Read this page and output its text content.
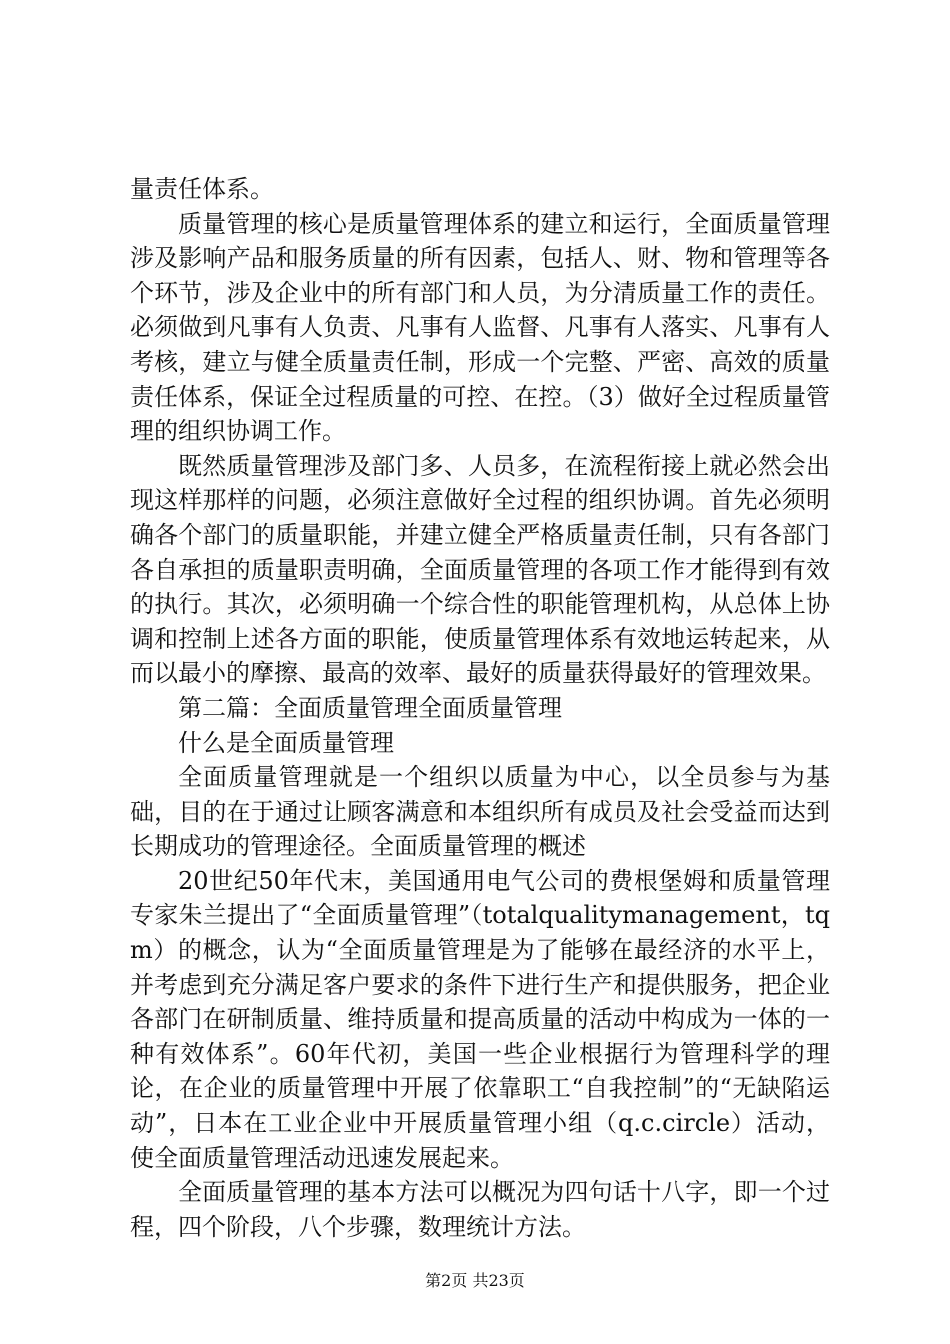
量责任体系。

质量管理的核心是质量管理体系的建立和运行，全面质量管理涉及影响产品和服务质量的所有因素，包括人、财、物和管理等各个环节，涉及企业中的所有部门和人员，为分清质量工作的责任。必须做到凡事有人负责、凡事有人监督、凡事有人落实、凡事有人考核，建立与健全质量责任制，形成一个完整、严密、高效的质量责任体系，保证全过程质量的可控、在控。（3）做好全过程质量管理的组织协调工作。

既然质量管理涉及部门多、人员多，在流程衔接上就必然会出现这样那样的问题，必须注意做好全过程的组织协调。首先必须明确各个部门的质量职能，并建立健全严格质量责任制，只有各部门各自承担的质量职责明确，全面质量管理的各项工作才能得到有效的执行。其次，必须明确一个综合性的职能管理机构，从总体上协调和控制上述各方面的职能，使质量管理体系有效地运转起来，从而以最小的摩擦、最高的效率、最好的质量获得最好的管理效果。

第二篇：全面质量管理全面质量管理

什么是全面质量管理

全面质量管理就是一个组织以质量为中心，以全员参与为基础，目的在于通过让顾客满意和本组织所有成员及社会受益而达到长期成功的管理途径。全面质量管理的概述

20世纪50年代末，美国通用电气公司的费根堡姆和质量管理专家朱兰提出了“全面质量管理”（totalqualitymanagement，tqm）的概念，认为“全面质量管理是为了能够在最经济的水平上，并考虑到充分满足客户要求的条件下进行生产和提供服务，把企业各部门在研制质量、维持质量和提高质量的活动中构成为一体的一种有效体系”。60年代初，美国一些企业根据行为管理科学的理论，在企业的质量管理中开展了依靠职工“自我控制”的“无缺陷运动”，日本在工业企业中开展质量管理小组（q.c.circle）活动，使全面质量管理活动迅速发展起来。

全面质量管理的基本方法可以概况为四句话十八字，即一个过程，四个阶段，八个步骤，数理统计方法。

第2页 共23页
